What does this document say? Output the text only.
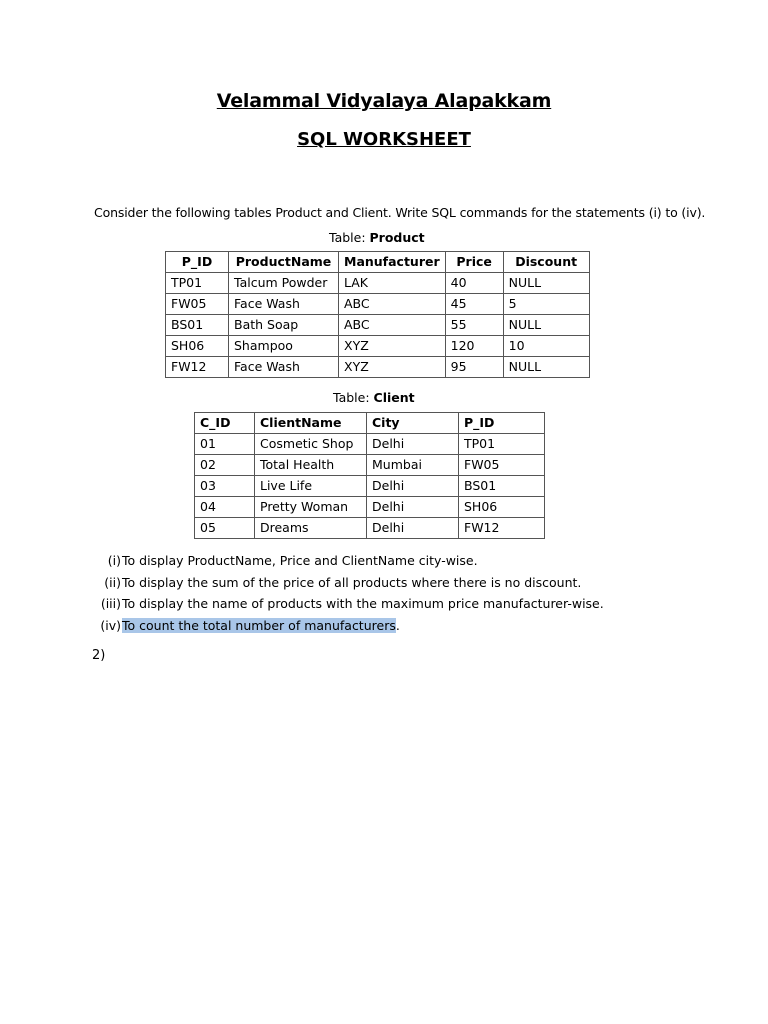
Velammal Vidyalaya Alapakkam
SQL WORKSHEET
Consider the following tables Product and Client. Write SQL commands for the statements (i) to (iv).
Table: Product
P_ID	ProductName	Manufacturer	Price	Discount
TP01	Talcum Powder	LAK	40	NULL
FW05	Face Wash	ABC	45	5
BS01	Bath Soap	ABC	55	NULL
SH06	Shampoo	XYZ	120	10
FW12	Face Wash	XYZ	95	NULL
Table: Client
C_ID	ClientName	City	P_ID
01	Cosmetic Shop	Delhi	TP01
02	Total Health	Mumbai	FW05
03	Live Life	Delhi	BS01
04	Pretty Woman	Delhi	SH06
05	Dreams	Delhi	FW12
(i) To display ProductName, Price and ClientName city-wise.
(ii) To display the sum of the price of all products where there is no discount.
(iii) To display the name of products with the maximum price manufacturer-wise.
(iv) To count the total number of manufacturers.
2)
